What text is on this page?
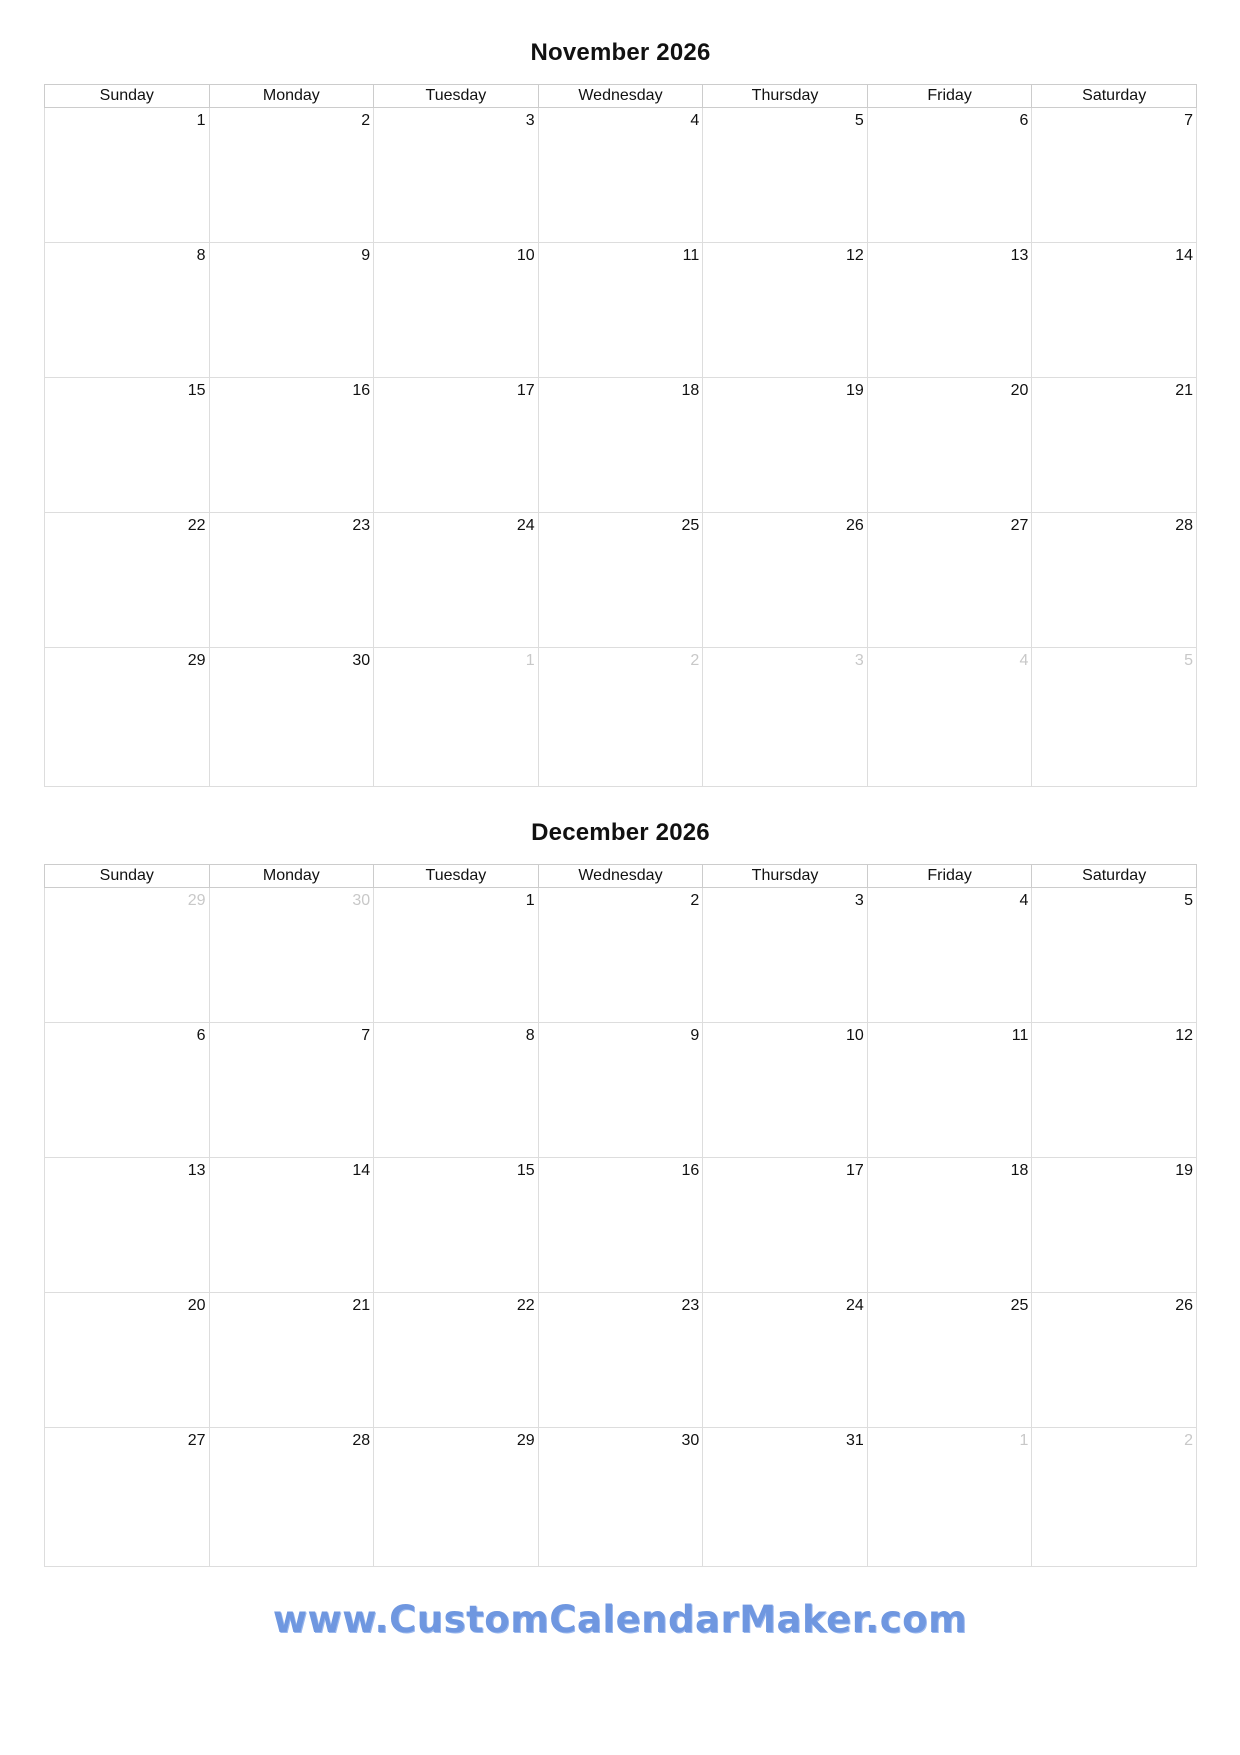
November 2026
Sunday	Monday	Tuesday	Wednesday	Thursday	Friday	Saturday

1	2	3	4	5	6	7

8	9	10	11	12	13	14

15	16	17	18	19	20	21

22	23	24	25	26	27	28

29	30	1	2	3	4	5
December 2026
Sunday	Monday	Tuesday	Wednesday	Thursday	Friday	Saturday

29	30	1	2	3	4	5

6	7	8	9	10	11	12

13	14	15	16	17	18	19

20	21	22	23	24	25	26

27	28	29	30	31	1	2
www.CustomCalendarMaker.com
